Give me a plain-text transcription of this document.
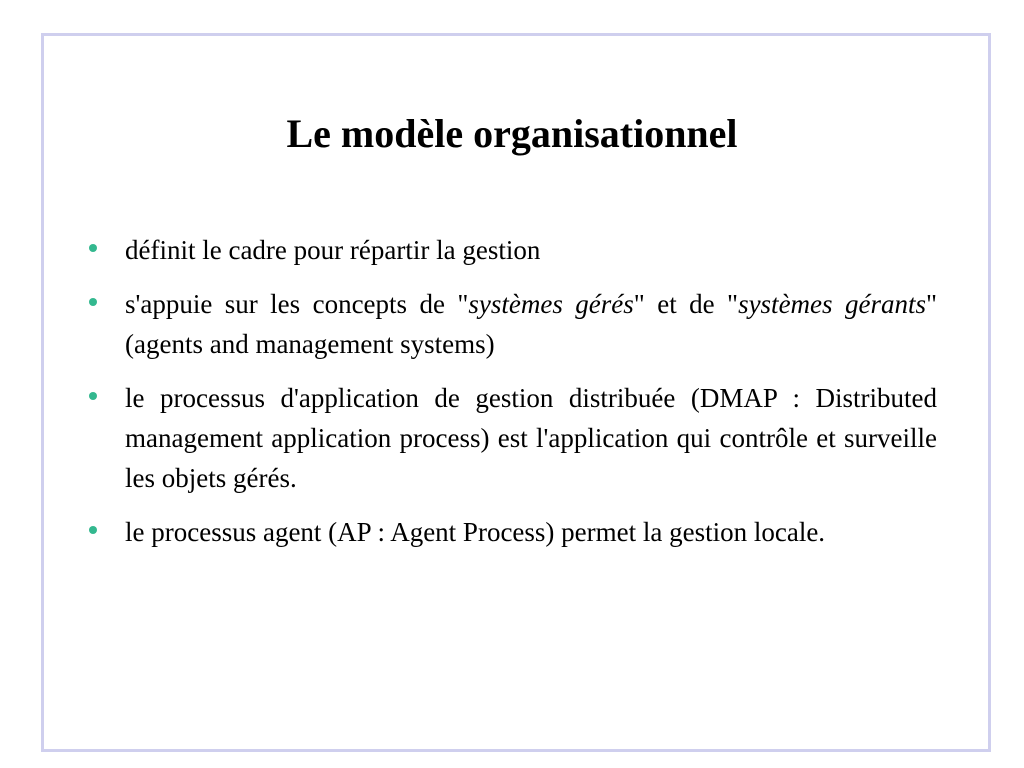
Le modèle organisationnel
définit le cadre pour répartir la gestion
s'appuie sur les concepts de "systèmes gérés" et de "systèmes gérants" (agents and management systems)
le processus d'application de gestion distribuée (DMAP : Distributed management application process) est l'application qui contrôle et surveille les objets gérés.
le processus agent (AP : Agent Process) permet la gestion locale.
